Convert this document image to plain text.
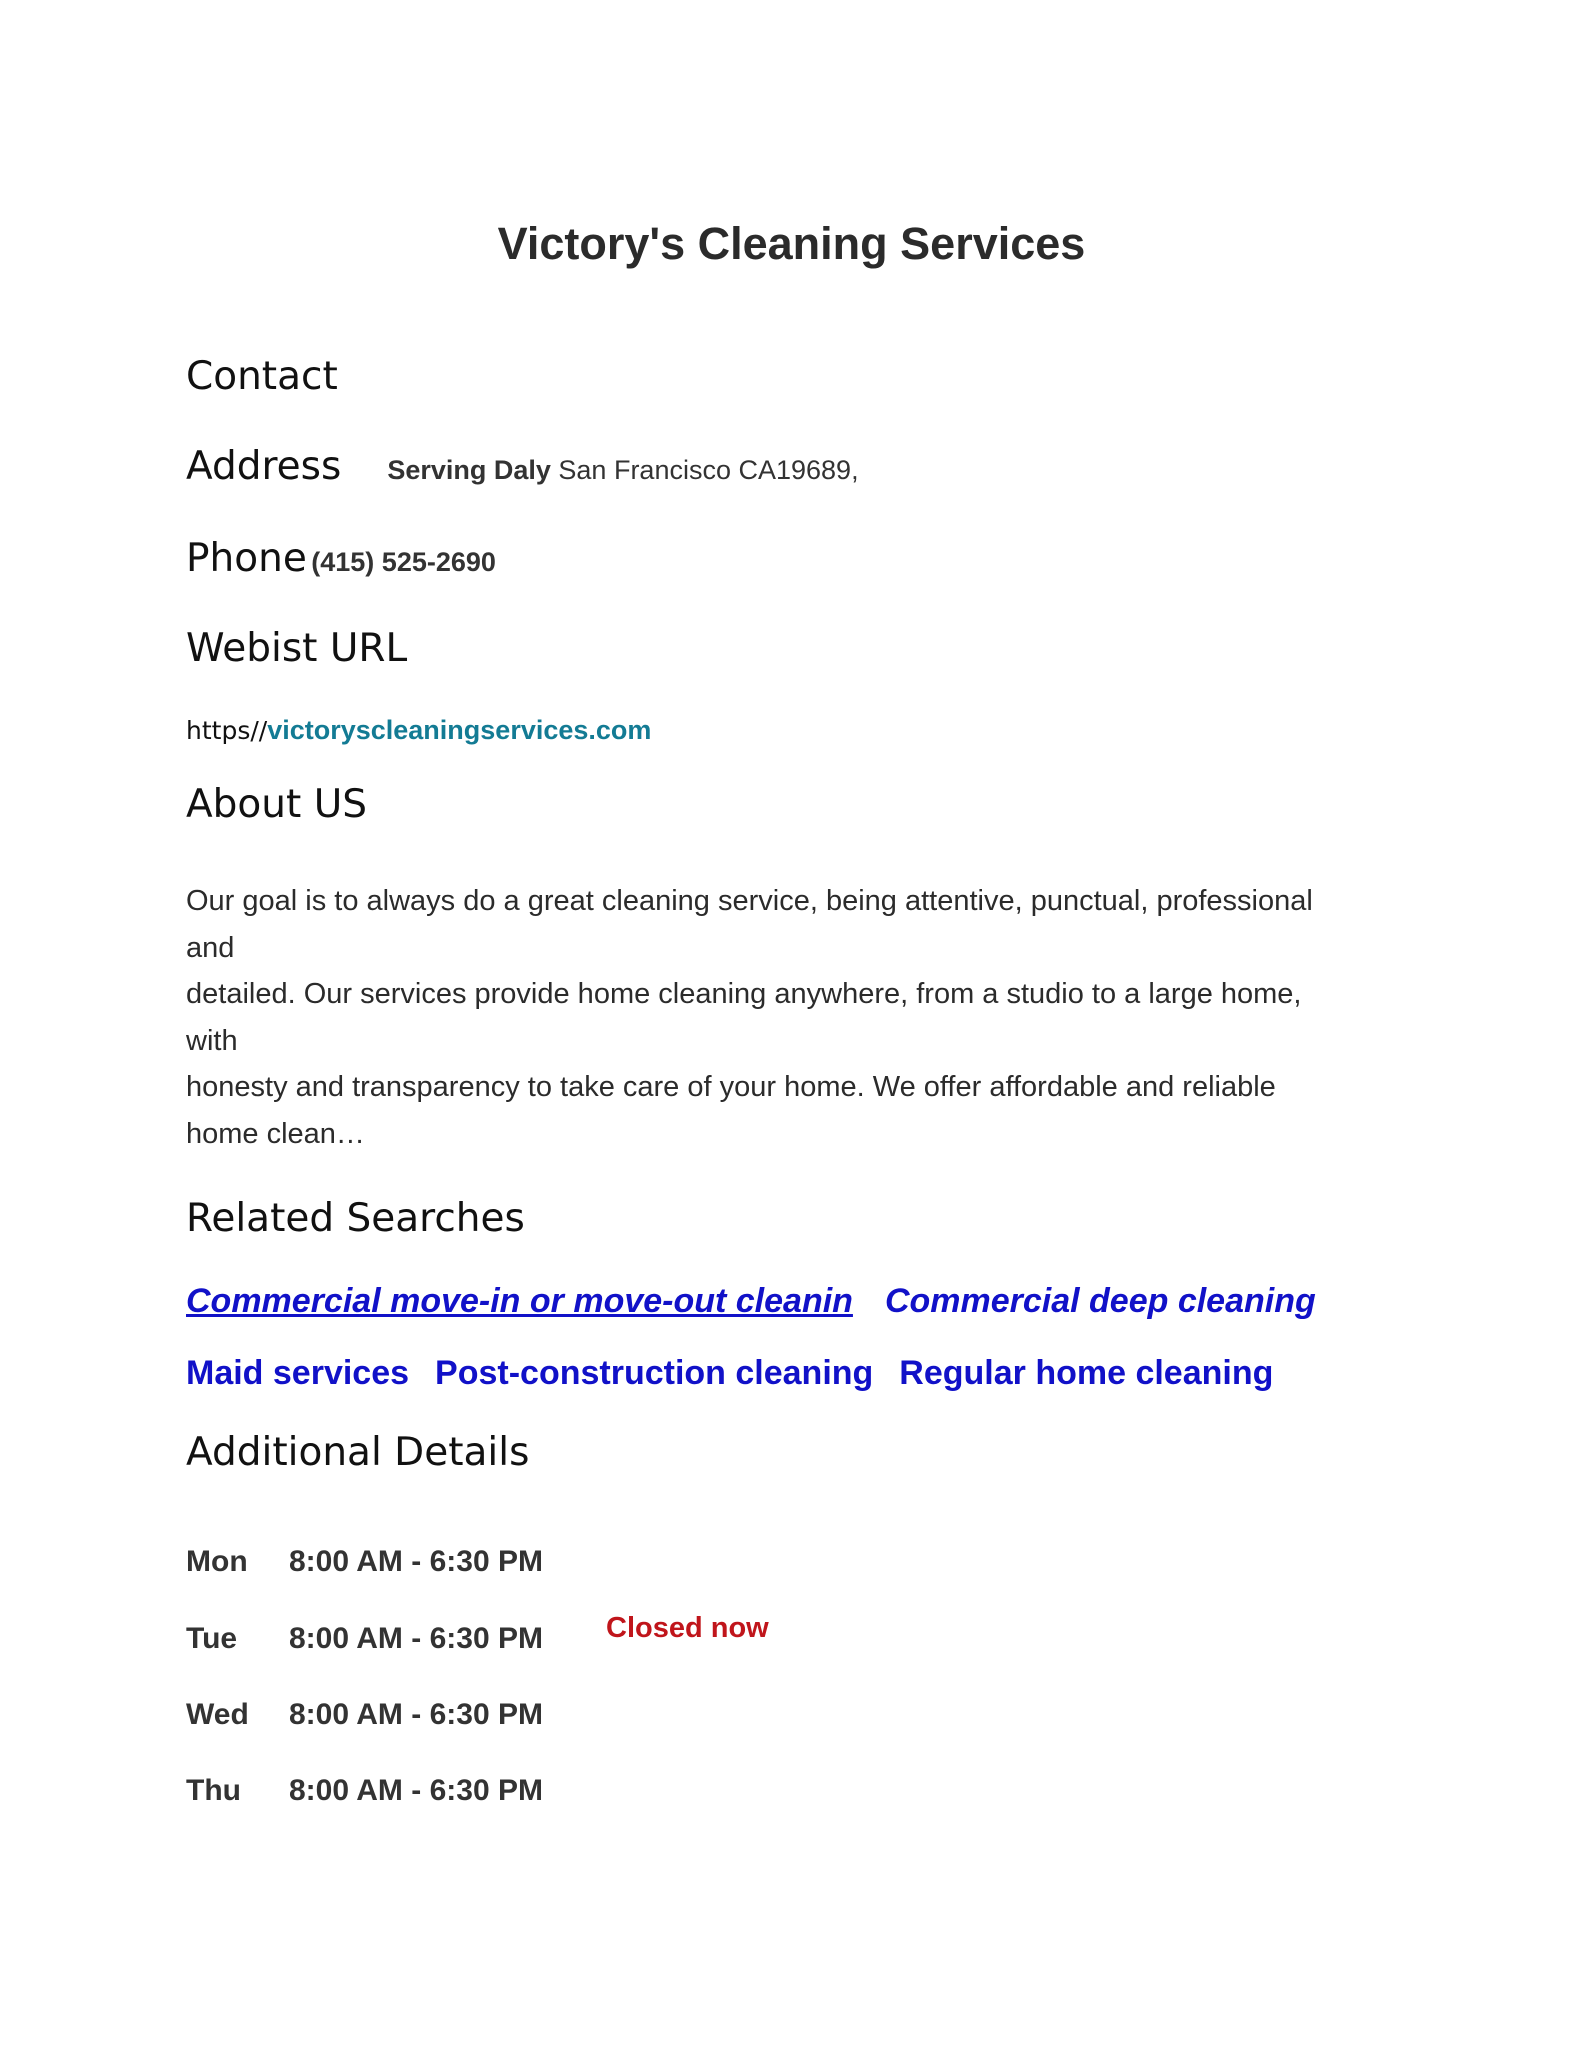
Victory's Cleaning Services
Contact
Address Serving Daly San Francisco CA19689,
Phone (415) 525-2690
Webist URL
https//victoryscleaningservices.com
About US
Our goal is to always do a great cleaning service, being attentive, punctual, professional
and
detailed. Our services provide home cleaning anywhere, from a studio to a large home,
with
honesty and transparency to take care of your home. We offer affordable and reliable
home clean…
Related Searches
Commercial move-in or move-out cleanin Commercial deep cleaning
Maid services Post-construction cleaning Regular home cleaning
Additional Details
Mon 8:00 AM - 6:30 PM
Tue 8:00 AM - 6:30 PM
Wed 8:00 AM - 6:30 PM
Thu 8:00 AM - 6:30 PM
Closed now
